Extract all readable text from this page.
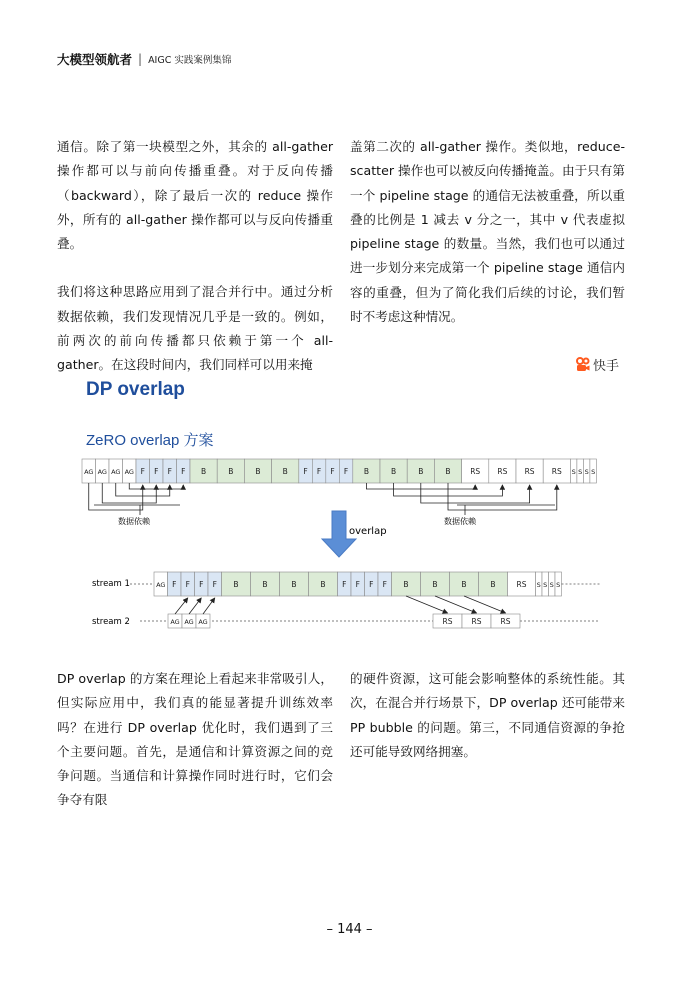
大模型领航者 | AIGC 实践案例集锦

通信。除了第一块模型之外，其余的 all-gather 操作都可以与前向传播重叠。对于反向传播（backward），除了最后一次的 reduce 操作外，所有的 all-gather 操作都可以与反向传播重叠。

我们将这种思路应用到了混合并行中。通过分析数据依赖，我们发现情况几乎是一致的。例如，前两次的前向传播都只依赖于第一个 all-gather。在这段时间内，我们同样可以用来掩

盖第二次的 all-gather 操作。类似地，reduce-scatter 操作也可以被反向传播掩盖。由于只有第一个 pipeline stage 的通信无法被重叠，所以重叠的比例是 1 减去 v 分之一，其中 v 代表虚拟 pipeline stage 的数量。当然，我们也可以通过进一步划分来完成第一个 pipeline stage 通信内容的重叠，但为了简化我们后续的讨论，我们暂时不考虑这种情况。

快手
DP overlap
ZeRO overlap 方案
AG AG AG AG F F F F B	B	B	B F F F F B	B	B	B	RS RS RS RS S S S S
数据依赖	数据依赖
overlap
stream 1
stream 2
AG F F F F B	B	B	B F F F F B	B	B	B	RS S S S S
AG AG AG	RS	RS	RS

DP overlap 的方案在理论上看起来非常吸引人，但实际应用中，我们真的能显著提升训练效率吗？在进行 DP overlap 优化时，我们遇到了三个主要问题。首先，是通信和计算资源之间的竞争问题。当通信和计算操作同时进行时，它们会争夺有限

的硬件资源，这可能会影响整体的系统性能。其次，在混合并行场景下，DP overlap 还可能带来 PP bubble 的问题。第三，不同通信资源的争抢还可能导致网络拥塞。

– 144 –
